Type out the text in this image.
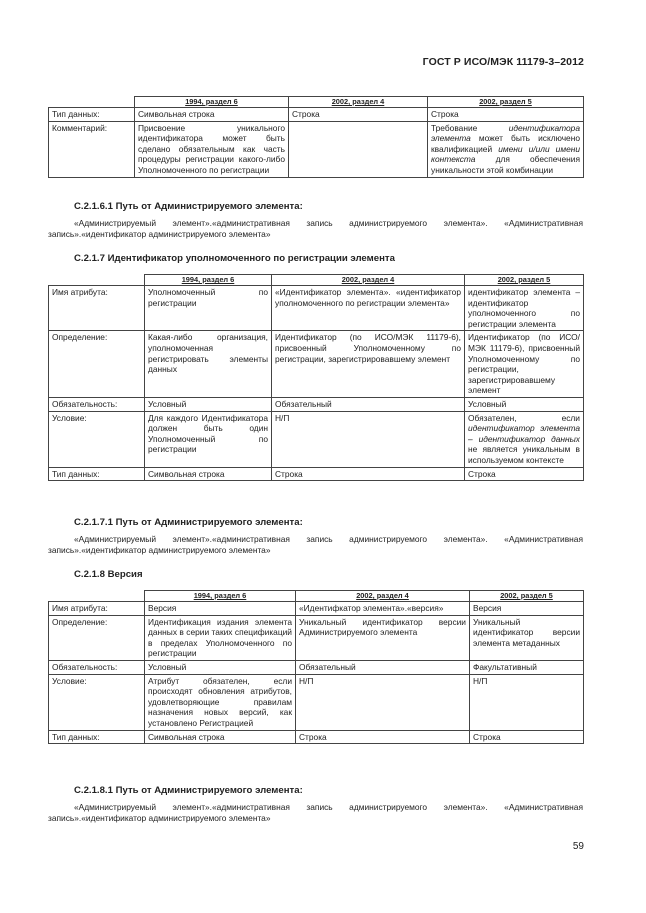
ГОСТ Р ИСО/МЭК 11179-3–2012
	1994, раздел 6	2002, раздел 4	2002, раздел 5
Тип данных:	Символьная строка	Строка	Строка
Комментарий:	Присвоение уникального идентификатора может быть сделано обязательным как часть процедуры регистрации какого-либо Уполномоченного по регистрации		Требование идентификатора элемента может быть исключено квалификацией имени и/или имени контекста для обеспечения уникальности этой комбинации
С.2.1.6.1 Путь от Администрируемого элемента:
«Администрируемый элемент».«административная запись администрируемого элемента». «Административная запись».«идентификатор администрируемого элемента»
С.2.1.7 Идентификатор уполномоченного по регистрации элемента
	1994, раздел 6	2002, раздел 4	2002, раздел 5
Имя атрибута:	Уполномоченный по регистрации	«Идентификатор элемента». «идентификатор уполномоченного по регистрации элемента»	идентификатор элемента – идентификатор уполномоченного по регистрации элемента
Определение:	Какая-либо организация, уполномоченная регистрировать элементы данных	Идентификатор (по ИСО/МЭК 11179-6), присвоенный Уполномоченному по регистрации, зарегистрировавшему элемент	Идентификатор (по ИСО/МЭК 11179-6), присвоенный Уполномоченному по регистрации, зарегистрировавшему элемент
Обязательность:	Условный	Обязательный	Условный
Условие:	Для каждого Идентификатора должен быть один Уполномоченный по регистрации	Н/П	Обязателен, если идентификатор элемента – идентификатор данных не является уникальным в используемом контексте
Тип данных:	Символьная строка	Строка	Строка
С.2.1.7.1 Путь от Администрируемого элемента:
«Администрируемый элемент».«административная запись администрируемого элемента». «Административная запись».«идентификатор администрируемого элемента»
С.2.1.8 Версия
	1994, раздел 6	2002, раздел 4	2002, раздел 5
Имя атрибута:	Версия	«Идентифкатор элемента».«версия»	Версия
Определение:	Идентификация издания элемента данных в серии таких спецификаций в пределах Уполномоченного по регистрации	Уникальный идентификатор версии Администрируемого элемента	Уникальный идентификатор версии элемента метаданных
Обязательность:	Условный	Обязательный	Факультативный
Условие:	Атрибут обязателен, если происходят обновления атрибутов, удовлетворяющие правилам назначения новых версий, как установлено Регистрацией	Н/П	Н/П
Тип данных:	Символьная строка	Строка	Строка
С.2.1.8.1 Путь от Администрируемого элемента:
«Администрируемый элемент».«административная запись администрируемого элемента». «Административная запись».«идентификатор администрируемого элемента»
59
